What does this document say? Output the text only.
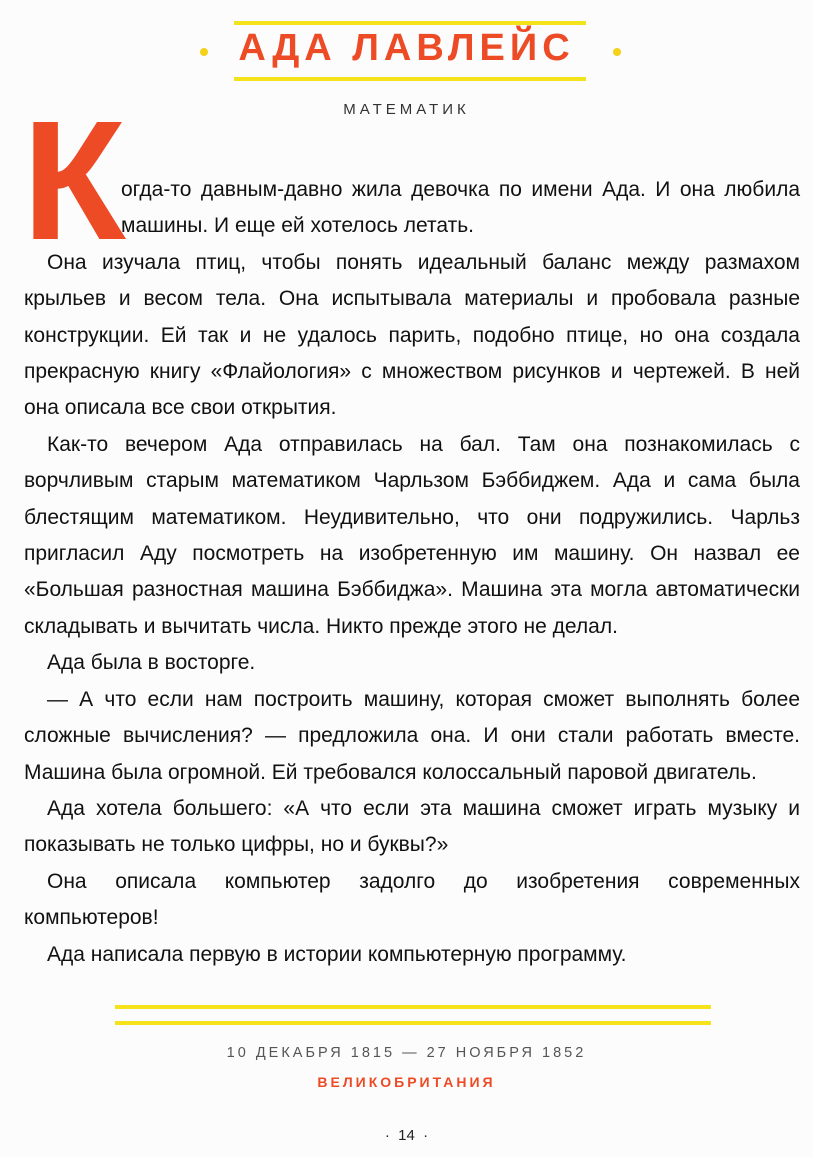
АДА ЛАВЛЕЙС
МАТЕМАТИК
К

огда-то давным-давно жила девочка по имени Ада. И она любила машины. И еще ей хотелось летать.

Она изучала птиц, чтобы понять идеальный баланс между размахом крыльев и весом тела. Она испытывала материалы и пробовала разные конструкции. Ей так и не удалось парить, подобно птице, но она создала прекрасную книгу «Флайология» с множеством рисунков и чертежей. В ней она описала все свои открытия.

Как-то вечером Ада отправилась на бал. Там она познакомилась с ворчливым старым математиком Чарльзом Бэббиджем. Ада и сама была блестящим математиком. Неудивительно, что они подружились. Чарльз пригласил Аду посмотреть на изобретенную им машину. Он назвал ее «Большая разностная машина Бэббиджа». Машина эта могла автоматически складывать и вычитать числа. Никто прежде этого не делал.

Ада была в восторге.

— А что если нам построить машину, которая сможет выполнять более сложные вычисления? — предложила она. И они стали работать вместе. Машина была огромной. Ей требовался колоссальный паровой двигатель.

Ада хотела большего: «А что если эта машина сможет играть музыку и показывать не только цифры, но и буквы?»

Она описала компьютер задолго до изобретения современных компьютеров!

Ада написала первую в истории компьютерную программу.

10 ДЕКАБРЯ 1815 — 27 НОЯБРЯ 1852
ВЕЛИКОБРИТАНИЯ
·  14  ·
